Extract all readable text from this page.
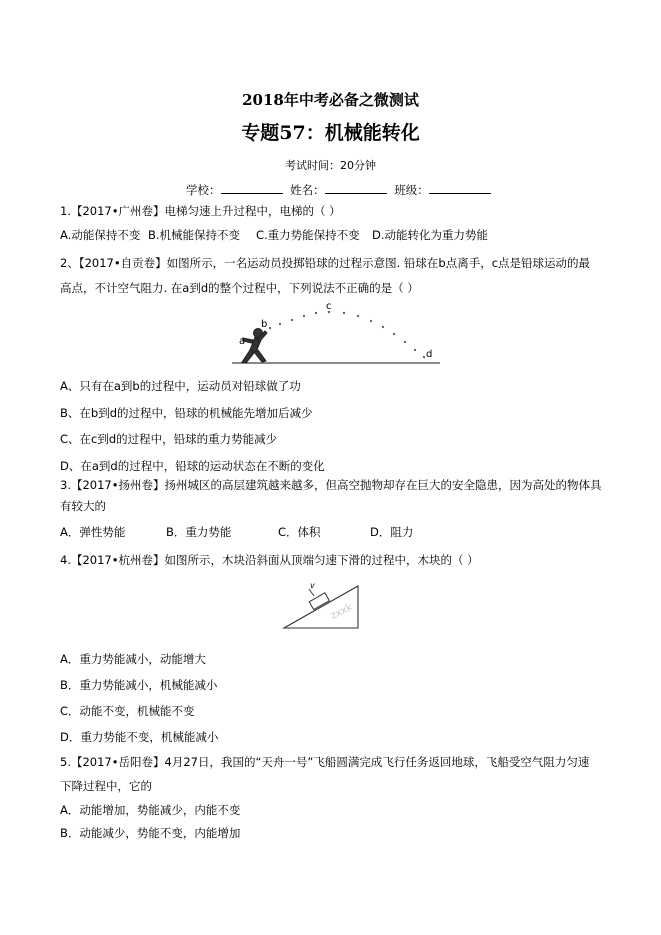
2018年中考必备之微测试
专题57：机械能转化
考试时间：20分钟
学校：	姓名：	班级：
1.【2017•广州卷】电梯匀速上升过程中，电梯的（ ）
A.动能保持不变 B.机械能保持不变 C.重力势能保持不变 D.动能转化为重力势能
2、【2017•自贡卷】如图所示，一名运动员投掷铅球的过程示意图. 铅球在b点离手，c点是铅球运动的最
高点，不计空气阻力. 在a到d的整个过程中，下列说法不正确的是（ ）
a
b
c
d
A、只有在a到b的过程中，运动员对铅球做了功
B、在b到d的过程中，铅球的机械能先增加后减少
C、在c到d的过程中，铅球的重力势能减少
D、在a到d的过程中，铅球的运动状态在不断的变化
3.【2017•扬州卷】扬州城区的高层建筑越来越多，但高空抛物却存在巨大的安全隐患，因为高处的物体具
有较大的
A．弹性势能	B．重力势能	C．体积	D．阻力
4.【2017•杭州卷】如图所示，木块沿斜面从顶端匀速下滑的过程中，木块的（ ）
v
zxxk
A．重力势能减小，动能增大
B．重力势能减小，机械能减小
C．动能不变，机械能不变
D．重力势能不变，机械能减小
5.【2017•岳阳卷】4月27日，我国的“天舟一号”飞船圆满完成飞行任务返回地球，飞船受空气阻力匀速
下降过程中，它的
A．动能增加，势能减少，内能不变
B．动能减少，势能不变，内能增加
